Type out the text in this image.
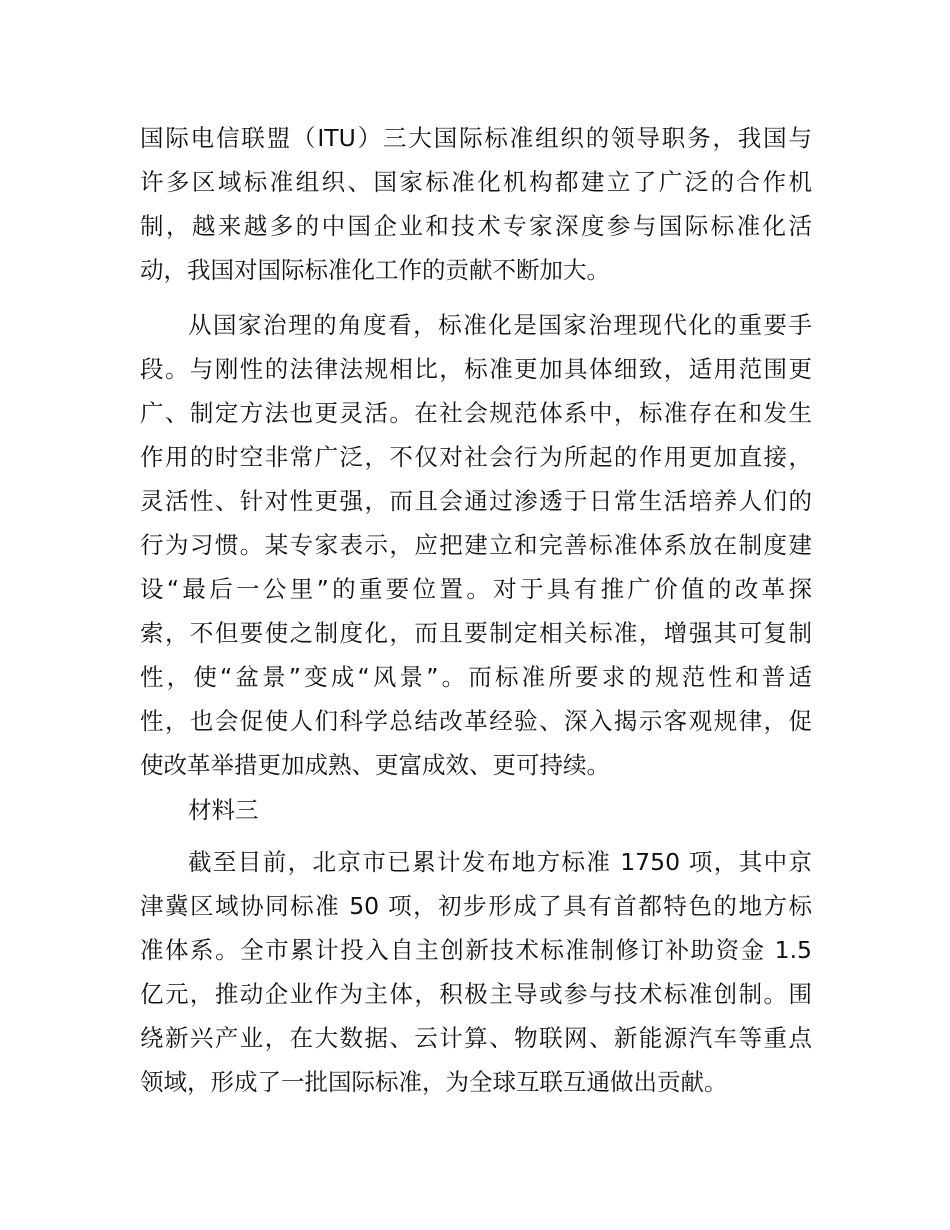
国际电信联盟（ITU）三大国际标准组织的领导职务，我国与
许多区域标准组织、国家标准化机构都建立了广泛的合作机
制，越来越多的中国企业和技术专家深度参与国际标准化活
动，我国对国际标准化工作的贡献不断加大。
从国家治理的角度看，标准化是国家治理现代化的重要手
段。与刚性的法律法规相比，标准更加具体细致，适用范围更
广、制定方法也更灵活。在社会规范体系中，标准存在和发生
作用的时空非常广泛，不仅对社会行为所起的作用更加直接，
灵活性、针对性更强，而且会通过渗透于日常生活培养人们的
行为习惯。某专家表示，应把建立和完善标准体系放在制度建
设“最后一公里”的重要位置。对于具有推广价值的改革探
索，不但要使之制度化，而且要制定相关标准，增强其可复制
性，使“盆景”变成“风景”。而标准所要求的规范性和普适
性，也会促使人们科学总结改革经验、深入揭示客观规律，促
使改革举措更加成熟、更富成效、更可持续。
材料三
截至目前，北京市已累计发布地方标准 1750 项，其中京
津冀区域协同标准 50 项，初步形成了具有首都特色的地方标
准体系。全市累计投入自主创新技术标准制修订补助资金 1.5
亿元，推动企业作为主体，积极主导或参与技术标准创制。围
绕新兴产业，在大数据、云计算、物联网、新能源汽车等重点
领域，形成了一批国际标准，为全球互联互通做出贡献。
